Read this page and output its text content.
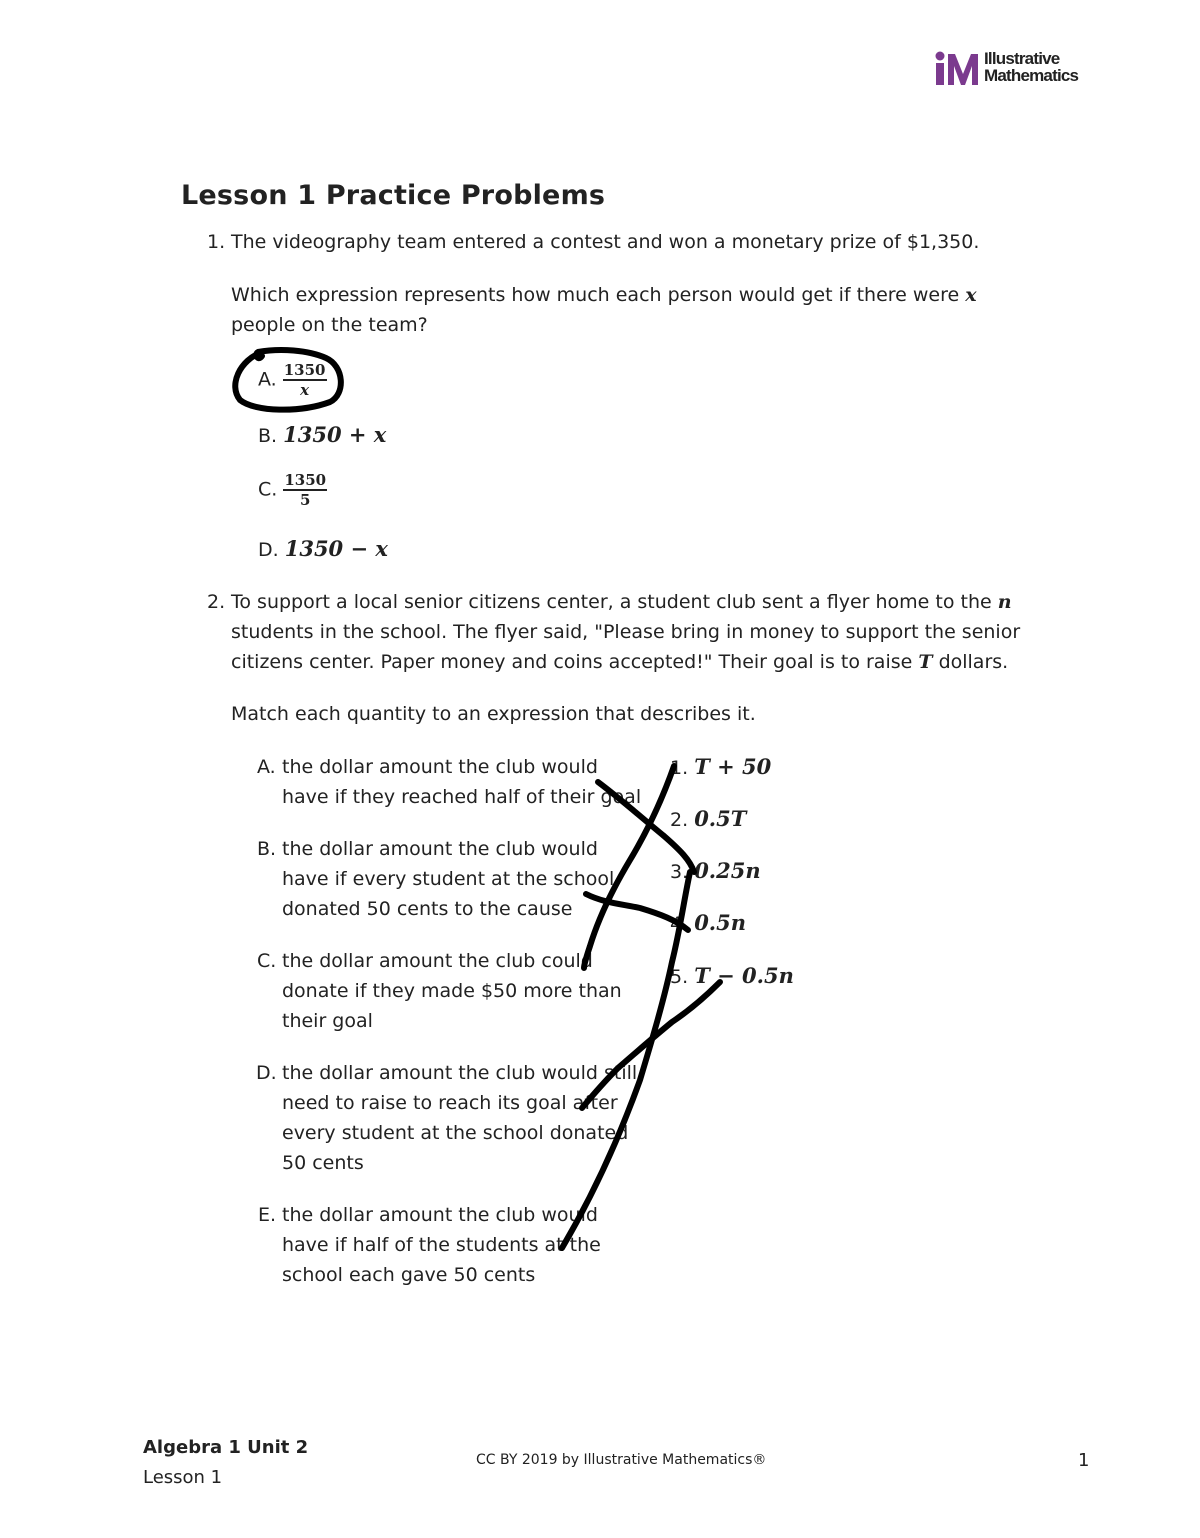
Illustrative
Mathematics
Lesson 1 Practice Problems
1. The videography team entered a contest and won a monetary prize of $1,350.
Which expression represents how much each person would get if there were x
people on the team?
A. $\frac{1350}{x}$
B. 1350 + x
C. $\frac{1350}{5}$
D. 1350 − x
2. To support a local senior citizens center, a student club sent a flyer home to the n
students in the school. The flyer said, "Please bring in money to support the senior
citizens center. Paper money and coins accepted!" Their goal is to raise T dollars.
Match each quantity to an expression that describes it.
A. the dollar amount the club would
have if they reached half of their goal
B. the dollar amount the club would
have if every student at the school
donated 50 cents to the cause
C. the dollar amount the club could
donate if they made $50 more than
their goal
D. the dollar amount the club would still
need to raise to reach its goal after
every student at the school donated
50 cents
E. the dollar amount the club would
have if half of the students at the
school each gave 50 cents
1. T + 50
2. 0.5T
3. 0.25n
4. 0.5n
5. T − 0.5n
Algebra 1 Unit 2
Lesson 1
CC BY 2019 by Illustrative Mathematics®	1
